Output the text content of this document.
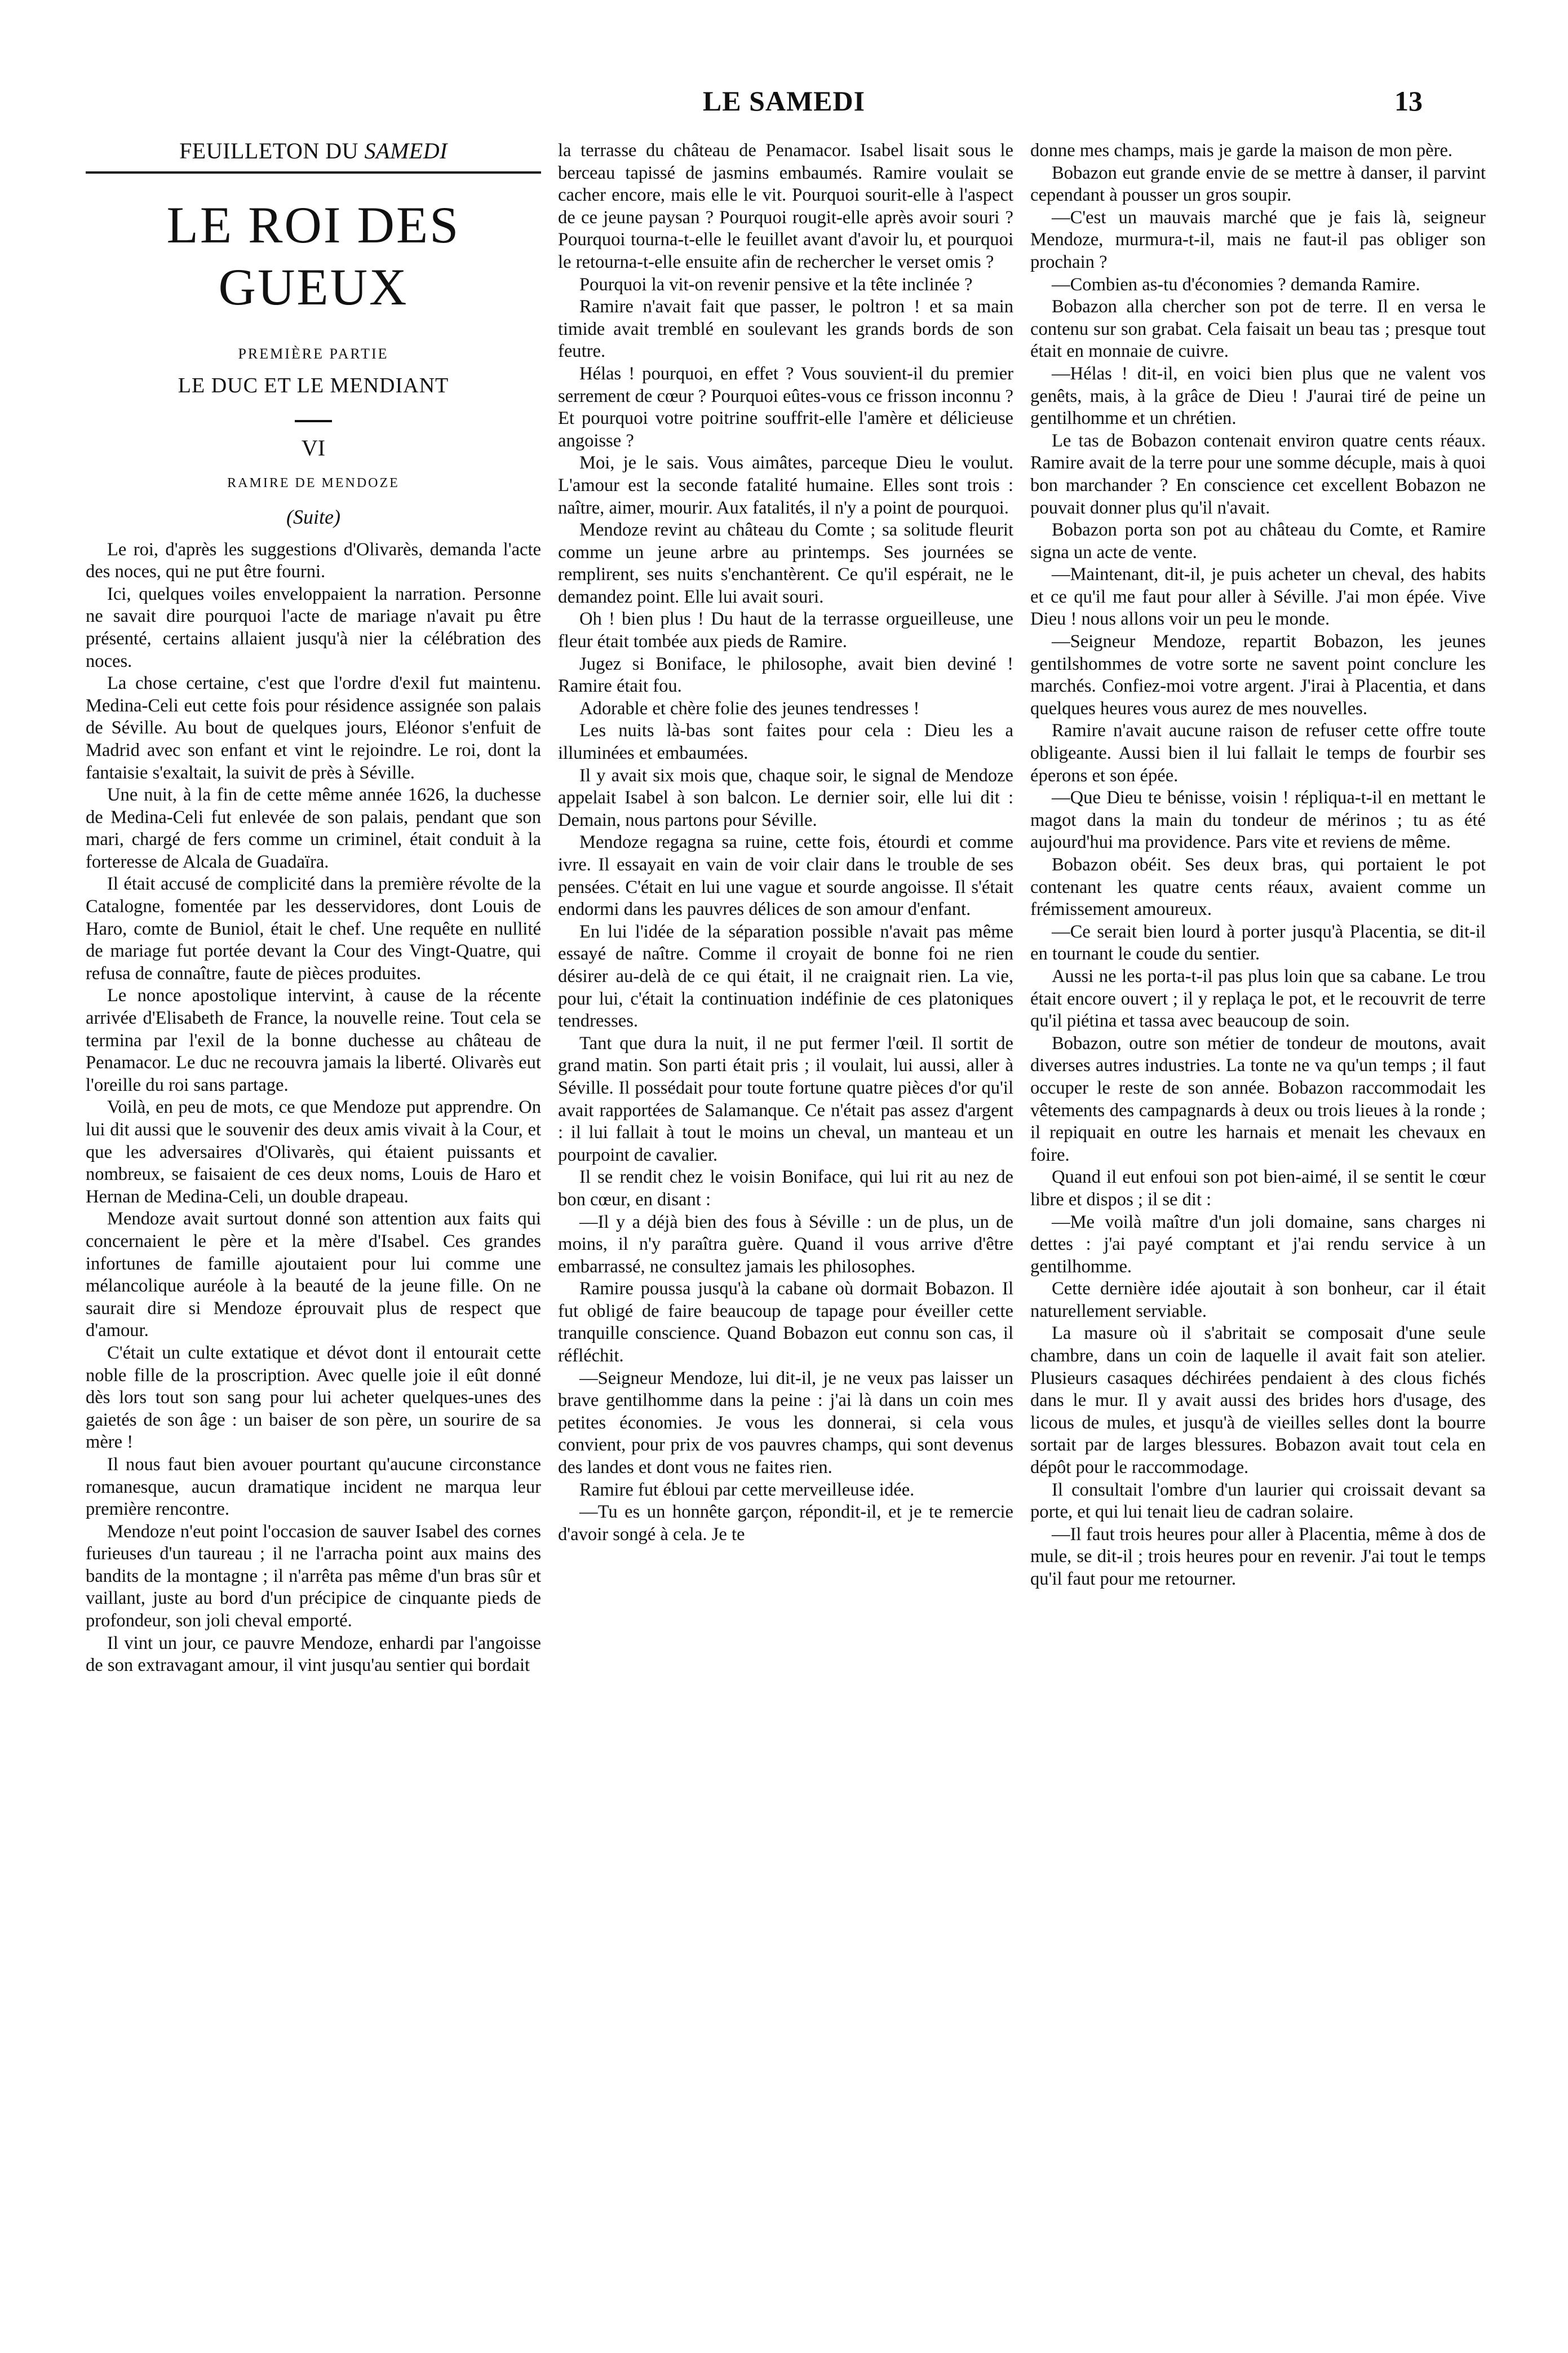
LE SAMEDI	13
FEUILLETON DU SAMEDI
LE ROI DES GUEUX
PREMIÈRE PARTIE
LE DUC ET LE MENDIANT
VI
RAMIRE DE MENDOZE
(Suite)

Le roi, d'après les suggestions d'Olivarès, demanda l'acte des noces, qui ne put être fourni.

Ici, quelques voiles enveloppaient la narration. Personne ne savait dire pourquoi l'acte de mariage n'avait pu être présenté, certains allaient jusqu'à nier la célébration des noces.

La chose certaine, c'est que l'ordre d'exil fut maintenu. Medina-Celi eut cette fois pour résidence assignée son palais de Séville. Au bout de quelques jours, Eléonor s'enfuit de Madrid avec son enfant et vint le rejoindre. Le roi, dont la fantaisie s'exaltait, la suivit de près à Séville.

Une nuit, à la fin de cette même année 1626, la duchesse de Medina-Celi fut enlevée de son palais, pendant que son mari, chargé de fers comme un criminel, était conduit à la forteresse de Alcala de Guadaïra.

Il était accusé de complicité dans la première révolte de la Catalogne, fomentée par les desservidores, dont Louis de Haro, comte de Buniol, était le chef. Une requête en nullité de mariage fut portée devant la Cour des Vingt-Quatre, qui refusa de connaître, faute de pièces produites.

Le nonce apostolique intervint, à cause de la récente arrivée d'Elisabeth de France, la nouvelle reine. Tout cela se termina par l'exil de la bonne duchesse au château de Penamacor. Le duc ne recouvra jamais la liberté. Olivarès eut l'oreille du roi sans partage.

Voilà, en peu de mots, ce que Mendoze put apprendre. On lui dit aussi que le souvenir des deux amis vivait à la Cour, et que les adversaires d'Olivarès, qui étaient puissants et nombreux, se faisaient de ces deux noms, Louis de Haro et Hernan de Medina-Celi, un double drapeau.

Mendoze avait surtout donné son attention aux faits qui concernaient le père et la mère d'Isabel. Ces grandes infortunes de famille ajoutaient pour lui comme une mélancolique auréole à la beauté de la jeune fille. On ne saurait dire si Mendoze éprouvait plus de respect que d'amour.

C'était un culte extatique et dévot dont il entourait cette noble fille de la proscription. Avec quelle joie il eût donné dès lors tout son sang pour lui acheter quelques-unes des gaietés de son âge : un baiser de son père, un sourire de sa mère !

Il nous faut bien avouer pourtant qu'aucune circonstance romanesque, aucun dramatique incident ne marqua leur première rencontre.

Mendoze n'eut point l'occasion de sauver Isabel des cornes furieuses d'un taureau ; il ne l'arracha point aux mains des bandits de la montagne ; il n'arrêta pas même d'un bras sûr et vaillant, juste au bord d'un précipice de cinquante pieds de profondeur, son joli cheval emporté.

Il vint un jour, ce pauvre Mendoze, enhardi par l'angoisse de son extravagant amour, il vint jusqu'au sentier qui bordait

la terrasse du château de Penamacor. Isabel lisait sous le berceau tapissé de jasmins embaumés. Ramire voulait se cacher encore, mais elle le vit. Pourquoi sourit-elle à l'aspect de ce jeune paysan ? Pourquoi rougit-elle après avoir souri ? Pourquoi tourna-t-elle le feuillet avant d'avoir lu, et pourquoi le retourna-t-elle ensuite afin de rechercher le verset omis ?

Pourquoi la vit-on revenir pensive et la tête inclinée ?

Ramire n'avait fait que passer, le poltron ! et sa main timide avait tremblé en soulevant les grands bords de son feutre.

Hélas ! pourquoi, en effet ? Vous souvient-il du premier serrement de cœur ? Pourquoi eûtes-vous ce frisson inconnu ? Et pourquoi votre poitrine souffrit-elle l'amère et délicieuse angoisse ?

Moi, je le sais. Vous aimâtes, parceque Dieu le voulut. L'amour est la seconde fatalité humaine. Elles sont trois : naître, aimer, mourir. Aux fatalités, il n'y a point de pourquoi.

Mendoze revint au château du Comte ; sa solitude fleurit comme un jeune arbre au printemps. Ses journées se remplirent, ses nuits s'enchantèrent. Ce qu'il espérait, ne le demandez point. Elle lui avait souri.

Oh ! bien plus ! Du haut de la terrasse orgueilleuse, une fleur était tombée aux pieds de Ramire.

Jugez si Boniface, le philosophe, avait bien deviné ! Ramire était fou.

Adorable et chère folie des jeunes tendresses !

Les nuits là-bas sont faites pour cela : Dieu les a illuminées et embaumées.

Il y avait six mois que, chaque soir, le signal de Mendoze appelait Isabel à son balcon. Le dernier soir, elle lui dit : Demain, nous partons pour Séville.

Mendoze regagna sa ruine, cette fois, étourdi et comme ivre. Il essayait en vain de voir clair dans le trouble de ses pensées. C'était en lui une vague et sourde angoisse. Il s'était endormi dans les pauvres délices de son amour d'enfant.

En lui l'idée de la séparation possible n'avait pas même essayé de naître. Comme il croyait de bonne foi ne rien désirer au-delà de ce qui était, il ne craignait rien. La vie, pour lui, c'était la continuation indéfinie de ces platoniques tendresses.

Tant que dura la nuit, il ne put fermer l'œil. Il sortit de grand matin. Son parti était pris ; il voulait, lui aussi, aller à Séville. Il possédait pour toute fortune quatre pièces d'or qu'il avait rapportées de Salamanque. Ce n'était pas assez d'argent : il lui fallait à tout le moins un cheval, un manteau et un pourpoint de cavalier.

Il se rendit chez le voisin Boniface, qui lui rit au nez de bon cœur, en disant :

—Il y a déjà bien des fous à Séville : un de plus, un de moins, il n'y paraîtra guère. Quand il vous arrive d'être embarrassé, ne consultez jamais les philosophes.

Ramire poussa jusqu'à la cabane où dormait Bobazon. Il fut obligé de faire beaucoup de tapage pour éveiller cette tranquille conscience. Quand Bobazon eut connu son cas, il réfléchit.

—Seigneur Mendoze, lui dit-il, je ne veux pas laisser un brave gentilhomme dans la peine : j'ai là dans un coin mes petites économies. Je vous les donnerai, si cela vous convient, pour prix de vos pauvres champs, qui sont devenus des landes et dont vous ne faites rien.

Ramire fut ébloui par cette merveilleuse idée.

—Tu es un honnête garçon, répondit-il, et je te remercie d'avoir songé à cela. Je te

donne mes champs, mais je garde la maison de mon père.

Bobazon eut grande envie de se mettre à danser, il parvint cependant à pousser un gros soupir.

—C'est un mauvais marché que je fais là, seigneur Mendoze, murmura-t-il, mais ne faut-il pas obliger son prochain ?

—Combien as-tu d'économies ? demanda Ramire.

Bobazon alla chercher son pot de terre. Il en versa le contenu sur son grabat. Cela faisait un beau tas ; presque tout était en monnaie de cuivre.

—Hélas ! dit-il, en voici bien plus que ne valent vos genêts, mais, à la grâce de Dieu ! J'aurai tiré de peine un gentilhomme et un chrétien.

Le tas de Bobazon contenait environ quatre cents réaux. Ramire avait de la terre pour une somme décuple, mais à quoi bon marchander ? En conscience cet excellent Bobazon ne pouvait donner plus qu'il n'avait.

Bobazon porta son pot au château du Comte, et Ramire signa un acte de vente.

—Maintenant, dit-il, je puis acheter un cheval, des habits et ce qu'il me faut pour aller à Séville. J'ai mon épée. Vive Dieu ! nous allons voir un peu le monde.

—Seigneur Mendoze, repartit Bobazon, les jeunes gentilshommes de votre sorte ne savent point conclure les marchés. Confiez-moi votre argent. J'irai à Placentia, et dans quelques heures vous aurez de mes nouvelles.

Ramire n'avait aucune raison de refuser cette offre toute obligeante. Aussi bien il lui fallait le temps de fourbir ses éperons et son épée.

—Que Dieu te bénisse, voisin ! répliqua-t-il en mettant le magot dans la main du tondeur de mérinos ; tu as été aujourd'hui ma providence. Pars vite et reviens de même.

Bobazon obéit. Ses deux bras, qui portaient le pot contenant les quatre cents réaux, avaient comme un frémissement amoureux.

—Ce serait bien lourd à porter jusqu'à Placentia, se dit-il en tournant le coude du sentier.

Aussi ne les porta-t-il pas plus loin que sa cabane. Le trou était encore ouvert ; il y replaça le pot, et le recouvrit de terre qu'il piétina et tassa avec beaucoup de soin.

Bobazon, outre son métier de tondeur de moutons, avait diverses autres industries. La tonte ne va qu'un temps ; il faut occuper le reste de son année. Bobazon raccommodait les vêtements des campagnards à deux ou trois lieues à la ronde ; il repiquait en outre les harnais et menait les chevaux en foire.

Quand il eut enfoui son pot bien-aimé, il se sentit le cœur libre et dispos ; il se dit :

—Me voilà maître d'un joli domaine, sans charges ni dettes : j'ai payé comptant et j'ai rendu service à un gentilhomme.

Cette dernière idée ajoutait à son bonheur, car il était naturellement serviable.

La masure où il s'abritait se composait d'une seule chambre, dans un coin de laquelle il avait fait son atelier. Plusieurs casaques déchirées pendaient à des clous fichés dans le mur. Il y avait aussi des brides hors d'usage, des licous de mules, et jusqu'à de vieilles selles dont la bourre sortait par de larges blessures. Bobazon avait tout cela en dépôt pour le raccommodage.

Il consultait l'ombre d'un laurier qui croissait devant sa porte, et qui lui tenait lieu de cadran solaire.

—Il faut trois heures pour aller à Placentia, même à dos de mule, se dit-il ; trois heures pour en revenir. J'ai tout le temps qu'il faut pour me retourner.
